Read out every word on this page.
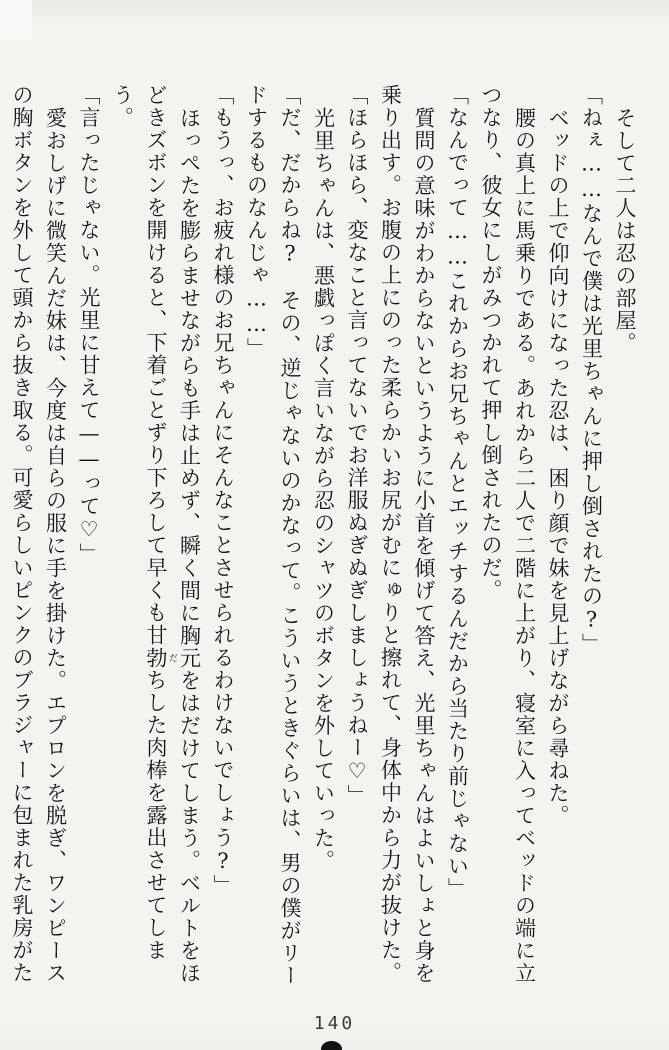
そして二人は忍の部屋。

「ねぇ……なんで僕は光里ちゃんに押し倒されたの?」

ベッドの上で仰向けになった忍は、困り顔で妹を見上げながら尋ねた。

腰の真上に馬乗りである。あれから二人で二階に上がり、寝室に入ってベッドの端に立つなり、彼女にしがみつかれて押し倒されたのだ。

「なんでって……これからお兄ちゃんとエッチするんだから当たり前じゃない」

質問の意味がわからないというように小首を傾げて答え、光里ちゃんはよいしょと身を乗り出す。お腹の上にのった柔らかいお尻がむにゅりと擦れて、身体中から力が抜けた。

「ほらほら、変なこと言ってないでお洋服ぬぎぬぎしましょうねー♡」

光里ちゃんは、悪戯っぽく言いながら忍のシャツのボタンを外していった。

「だ、だからね?　その、逆じゃないのかなって。こういうときぐらいは、男の僕がリードするものなんじゃ……」

「もうっ、お疲れ様のお兄ちゃんにそんなことさせられるわけないでしょう?」

ほっぺたを膨らませながらも手は止めず、瞬く間に胸元をはだけてしまう。ベルトをほどきズボンを開けると、下着ごとずり下ろして早くも甘勃 だちした肉棒を露出させてしまう。

「言ったじゃない。光里に甘えて——って♡」

愛おしげに微笑んだ妹は、今度は自らの服に手を掛けた。エプロンを脱ぎ、ワンピースの胸ボタンを外して頭から抜き取る。可愛らしいピンクのブラジャーに包まれた乳房がた

140
